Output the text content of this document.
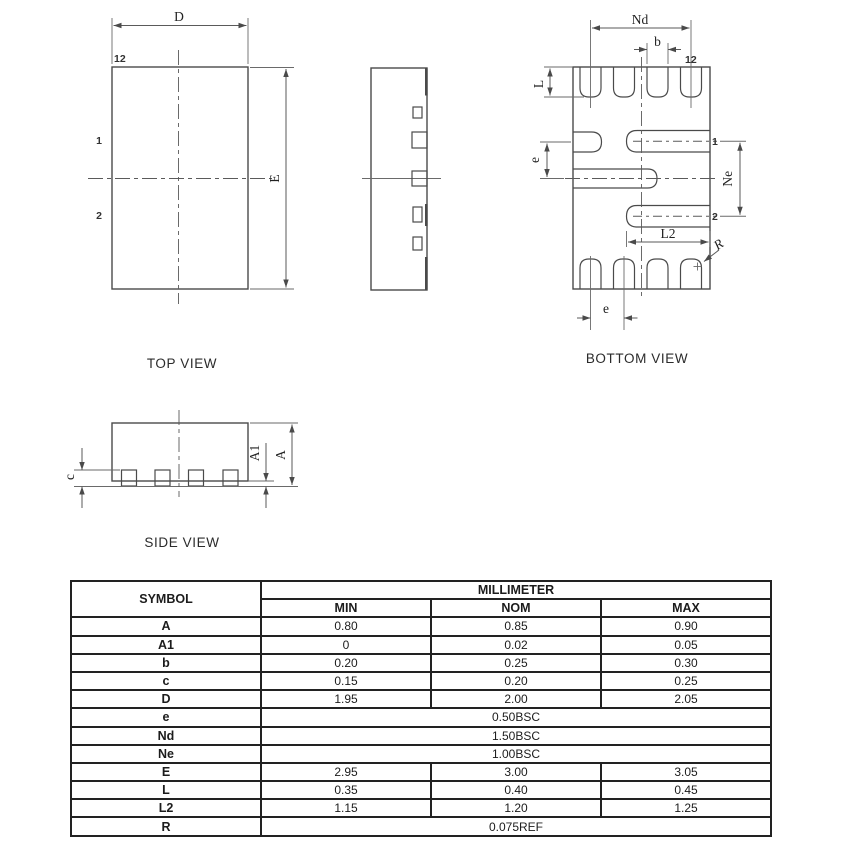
D
E
12
1
2
TOP VIEW
Nd
b
12
L
e
Ne
1
2
L2
R
e
BOTTOM VIEW
c
A1 A
SIDE VIEW
SYMBOL	MILLIMETER		
	MIN	NOM	MAX
A	0.80	0.85	0.90
A1	0	0.02	0.05
b	0.20	0.25	0.30
c	0.15	0.20	0.25
D	1.95	2.00	2.05
e	0.50BSC		
Nd	1.50BSC		
Ne	1.00BSC		
E	2.95	3.00	3.05
L	0.35	0.40	0.45
L2	1.15	1.20	1.25
R	0.075REF		
